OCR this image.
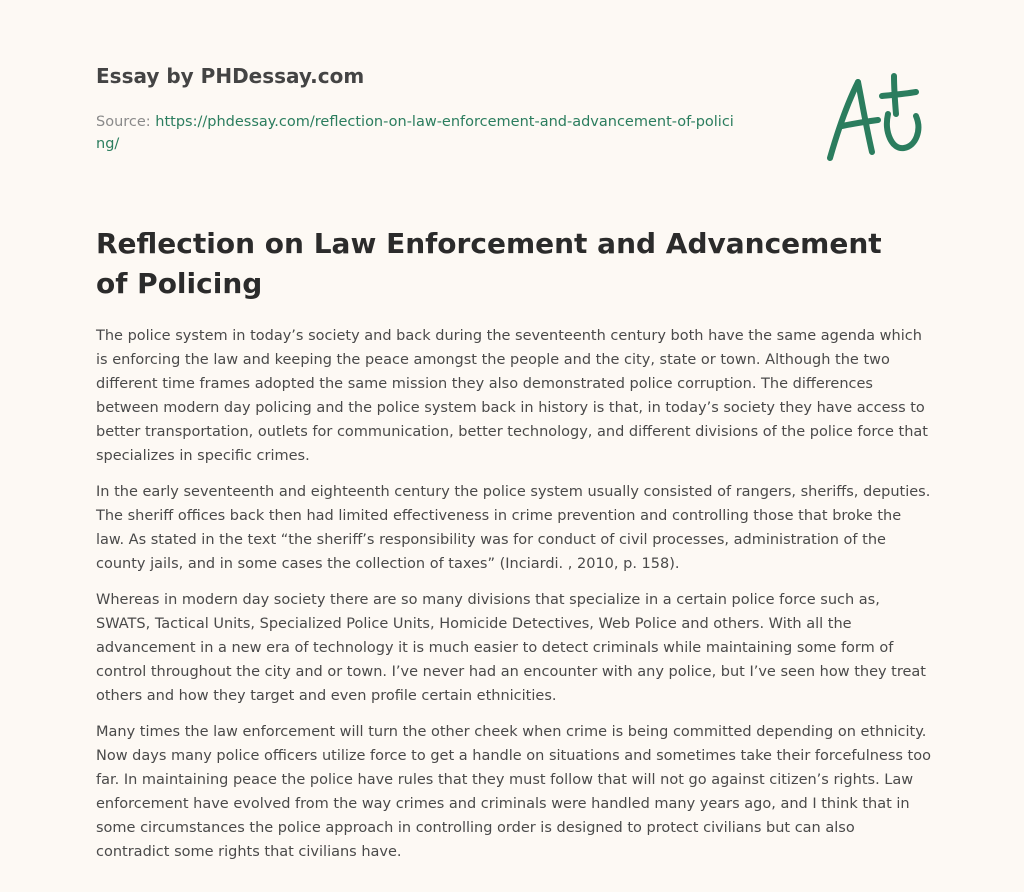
Essay by PHDessay.com
Source: https://phdessay.com/reflection-on-law-enforcement-and-advancement-of-policing/
Reflection on Law Enforcement and Advancement of Policing

The police system in today’s society and back during the seventeenth century both have the same agenda which is enforcing the law and keeping the peace amongst the people and the city, state or town. Although the two different time frames adopted the same mission they also demonstrated police corruption. The differences between modern day policing and the police system back in history is that, in today’s society they have access to better transportation, outlets for communication, better technology, and different divisions of the police force that specializes in specific crimes.

In the early seventeenth and eighteenth century the police system usually consisted of rangers, sheriffs, deputies. The sheriff offices back then had limited effectiveness in crime prevention and controlling those that broke the law. As stated in the text “the sheriff’s responsibility was for conduct of civil processes, administration of the county jails, and in some cases the collection of taxes” (Inciardi. , 2010, p. 158).

Whereas in modern day society there are so many divisions that specialize in a certain police force such as, SWATS, Tactical Units, Specialized Police Units, Homicide Detectives, Web Police and others. With all the advancement in a new era of technology it is much easier to detect criminals while maintaining some form of control throughout the city and or town. I’ve never had an encounter with any police, but I’ve seen how they treat others and how they target and even profile certain ethnicities.

Many times the law enforcement will turn the other cheek when crime is being committed depending on ethnicity. Now days many police officers utilize force to get a handle on situations and sometimes take their forcefulness too far. In maintaining peace the police have rules that they must follow that will not go against citizen’s rights. Law enforcement have evolved from the way crimes and criminals were handled many years ago, and I think that in some circumstances the police approach in controlling order is designed to protect civilians but can also contradict some rights that civilians have.
